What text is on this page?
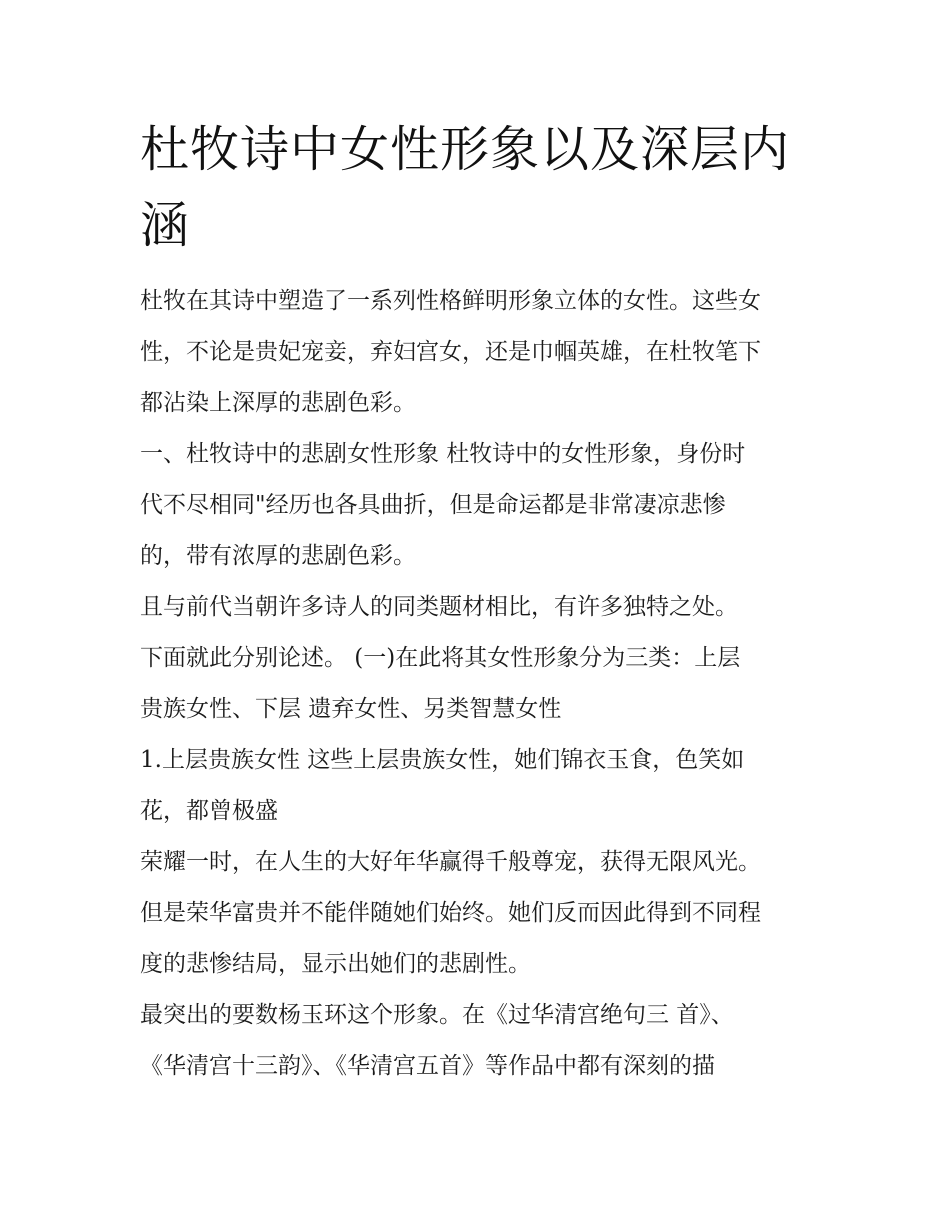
杜牧诗中女性形象以及深层内
涵
杜牧在其诗中塑造了一系列性格鲜明形象立体的女性。这些女
性，不论是贵妃宠妾，弃妇宫女，还是巾帼英雄，在杜牧笔下
都沾染上深厚的悲剧色彩。
一、杜牧诗中的悲剧女性形象 杜牧诗中的女性形象，身份时
代不尽相同"经历也各具曲折，但是命运都是非常凄凉悲惨
的，带有浓厚的悲剧色彩。
且与前代当朝许多诗人的同类题材相比，有许多独特之处。
下面就此分别论述。 (一)在此将其女性形象分为三类：上层
贵族女性、下层 遗弃女性、另类智慧女性
1.上层贵族女性 这些上层贵族女性，她们锦衣玉食，色笑如
花，都曾极盛
荣耀一时，在人生的大好年华赢得千般尊宠，获得无限风光。
但是荣华富贵并不能伴随她们始终。她们反而因此得到不同程
度的悲惨结局，显示出她们的悲剧性。
最突出的要数杨玉环这个形象。在《过华清宫绝句三 首》、
《华清宫十三韵》、《华清宫五首》等作品中都有深刻的描
